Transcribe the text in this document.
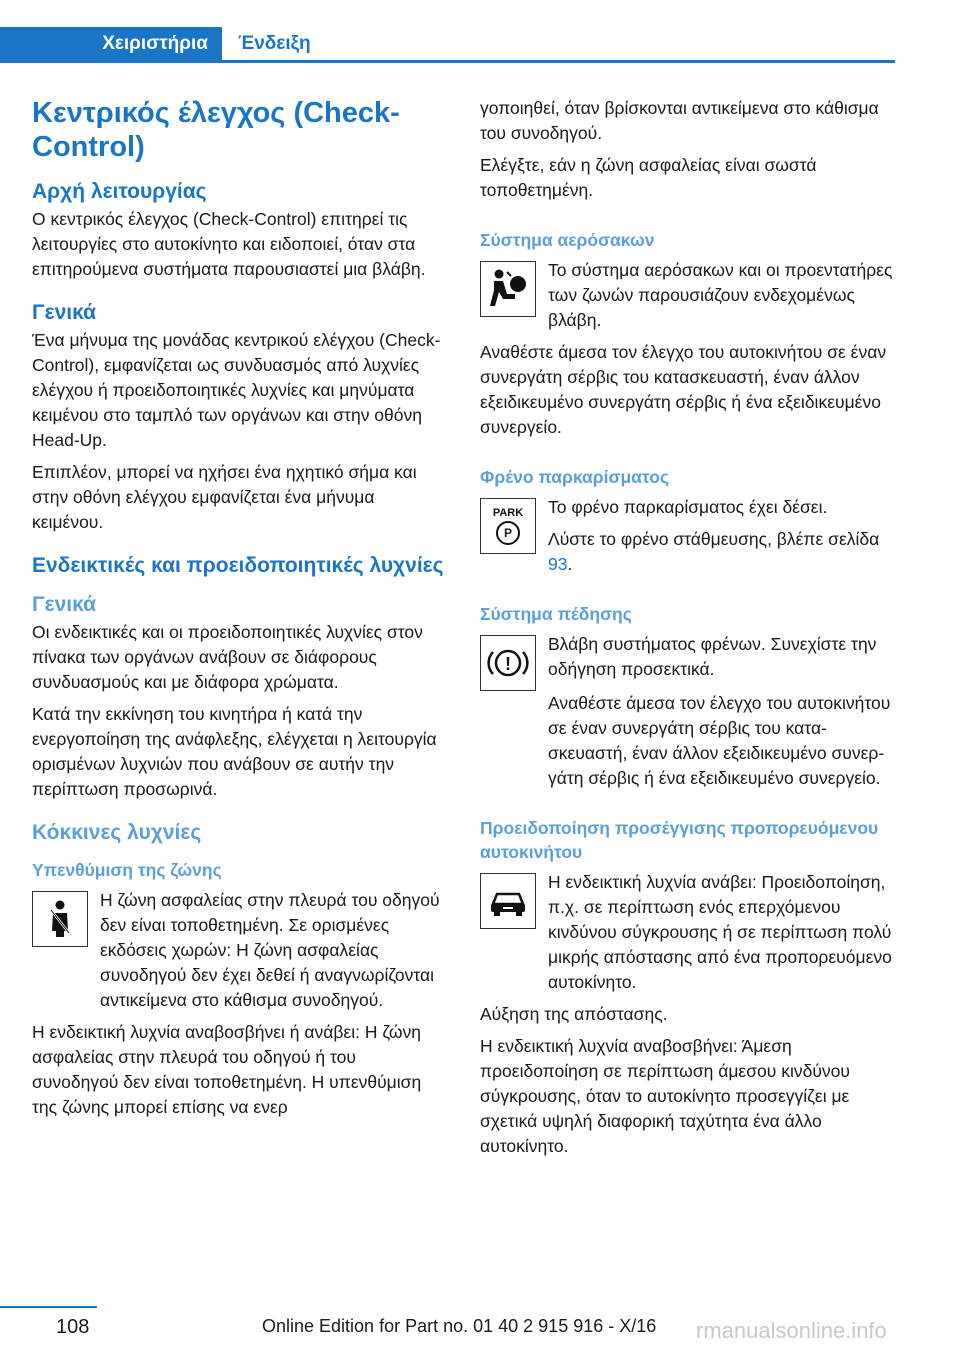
Χειριστήρια	Ένδειξη
Κεντρικός έλεγχος (Check-Control)
Αρχή λειτουργίας

Ο κεντρικός έλεγχος (Check-Control) επιτηρεί τις λειτουργίες στο αυτοκίνητο και ειδοποιεί, όταν στα επιτηρούμενα συστήματα παρουσιαστεί μια βλάβη.

Γενικά

Ένα μήνυμα της μονάδας κεντρικού ελέγχου (Check-Control), εμφανίζεται ως συνδυασμός από λυχνίες ελέγχου ή προειδοποιητικές λυχνίες και μηνύματα κειμένου στο ταμπλό των οργάνων και στην οθόνη Head-Up.

Επιπλέον, μπορεί να ηχήσει ένα ηχητικό σήμα και στην οθόνη ελέγχου εμφανίζεται ένα μήνυμα κειμένου.

Ενδεικτικές και προειδοποιητικές λυχνίες
Γενικά

Οι ενδεικτικές και οι προειδοποιητικές λυχνίες στον πίνακα των οργάνων ανάβουν σε διάφορους συνδυασμούς και με διάφορα χρώματα.

Κατά την εκκίνηση του κινητήρα ή κατά την ενεργοποίηση της ανάφλεξης, ελέγχεται η λειτουργία ορισμένων λυχνιών που ανάβουν σε αυτήν την περίπτωση προσωρινά.

Κόκκινες λυχνίες
Υπενθύμιση της ζώνης

Η ζώνη ασφαλείας στην πλευρά του οδηγού δεν είναι τοποθετημένη. Σε ορισμένες εκδόσεις χωρών: Η ζώνη ασφαλείας συνοδηγού δεν έχει δεθεί ή αναγνωρίζονται αντικείμενα στο κάθισμα συνοδηγού.

Η ενδεικτική λυχνία αναβοσβήνει ή ανάβει: Η ζώνη ασφαλείας στην πλευρά του οδηγού ή του συνοδηγού δεν είναι τοποθετημένη. Η υπενθύμιση της ζώνης μπορεί επίσης να ενερ

γοποιηθεί, όταν βρίσκονται αντικείμενα στο κάθισμα του συνοδηγού.

Ελέγξτε, εάν η ζώνη ασφαλείας είναι σωστά τοποθετημένη.

Σύστημα αερόσακων

Το σύστημα αερόσακων και οι προεντατήρες των ζωνών παρουσιάζουν ενδεχομένως βλάβη.

Αναθέστε άμεσα τον έλεγχο του αυτοκινήτου σε έναν συνεργάτη σέρβις του κατασκευαστή, έναν άλλον εξειδικευμένο συνεργάτη σέρβις ή ένα εξειδικευμένο συνεργείο.

Φρένο παρκαρίσματος
PARK
P

Το φρένο παρκαρίσματος έχει δέσει.

Λύστε το φρένο στάθμευσης, βλέπε σελίδα 93.

Σύστημα πέδησης
!

Βλάβη συστήματος φρένων. Συνεχίστε την οδήγηση προσεκτικά.

Αναθέστε άμεσα τον έλεγχο του αυτοκινήτου σε έναν συνεργάτη σέρβις του κατασκευαστή, έναν άλλον εξειδικευμένο συνεργάτη σέρβις ή ένα εξειδικευμένο συνεργείο.

Προειδοποίηση προσέγγισης προπορευόμενου αυτοκινήτου

Η ενδεικτική λυχνία ανάβει: Προειδοποίηση, π.χ. σε περίπτωση ενός επερχόμενου κινδύνου σύγκρουσης ή σε περίπτωση πολύ μικρής απόστασης από ένα προπορευόμενο αυτοκίνητο.

Αύξηση της απόστασης.

Η ενδεικτική λυχνία αναβοσβήνει: Άμεση προειδοποίηση σε περίπτωση άμεσου κινδύνου σύγκρουσης, όταν το αυτοκίνητο προσεγγίζει με σχετικά υψηλή διαφορική ταχύτητα ένα άλλο αυτοκίνητο.

108	Online Edition for Part no. 01 40 2 915 916 - X/16 rmanualsonline.info
